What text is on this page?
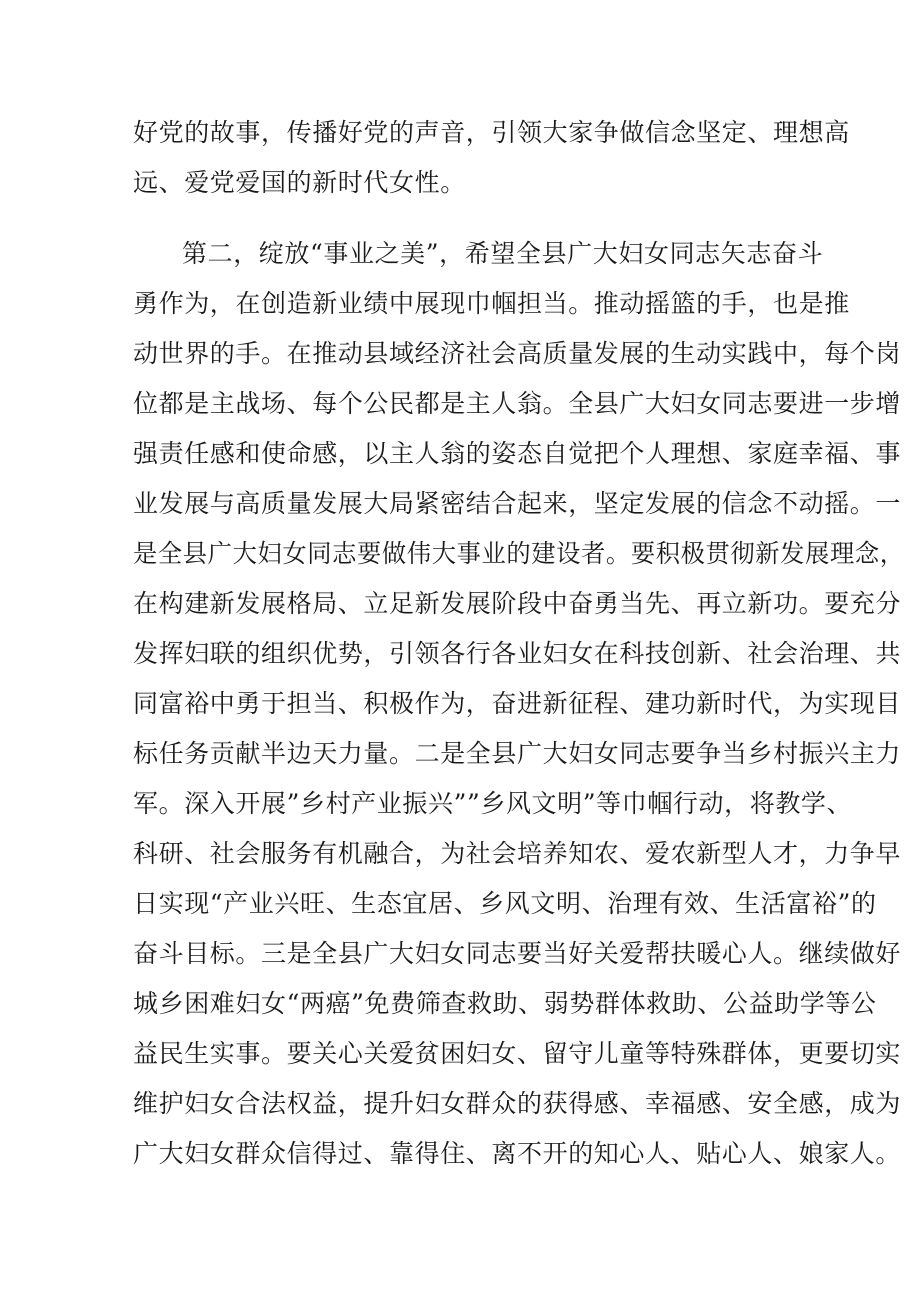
好党的故事，传播好党的声音，引领大家争做信念坚定、理想高
远、爱党爱国的新时代女性。
第二，绽放“事业之美”，希望全县广大妇女同志矢志奋斗
勇作为，在创造新业绩中展现巾帼担当。推动摇篮的手，也是推
动世界的手。在推动县域经济社会高质量发展的生动实践中，每个岗
位都是主战场、每个公民都是主人翁。全县广大妇女同志要进一步增
强责任感和使命感，以主人翁的姿态自觉把个人理想、家庭幸福、事
业发展与高质量发展大局紧密结合起来，坚定发展的信念不动摇。一
是全县广大妇女同志要做伟大事业的建设者。要积极贯彻新发展理念，
在构建新发展格局、立足新发展阶段中奋勇当先、再立新功。要充分
发挥妇联的组织优势，引领各行各业妇女在科技创新、社会治理、共
同富裕中勇于担当、积极作为，奋进新征程、建功新时代，为实现目
标任务贡献半边天力量。二是全县广大妇女同志要争当乡村振兴主力
军。深入开展”乡村产业振兴””乡风文明”等巾帼行动，将教学、
科研、社会服务有机融合，为社会培养知农、爱农新型人才，力争早
日实现“产业兴旺、生态宜居、乡风文明、治理有效、生活富裕”的
奋斗目标。三是全县广大妇女同志要当好关爱帮扶暖心人。继续做好
城乡困难妇女“两癌”免费筛查救助、弱势群体救助、公益助学等公
益民生实事。要关心关爱贫困妇女、留守儿童等特殊群体，更要切实
维护妇女合法权益，提升妇女群众的获得感、幸福感、安全感，成为
广大妇女群众信得过、靠得住、离不开的知心人、贴心人、娘家人。
